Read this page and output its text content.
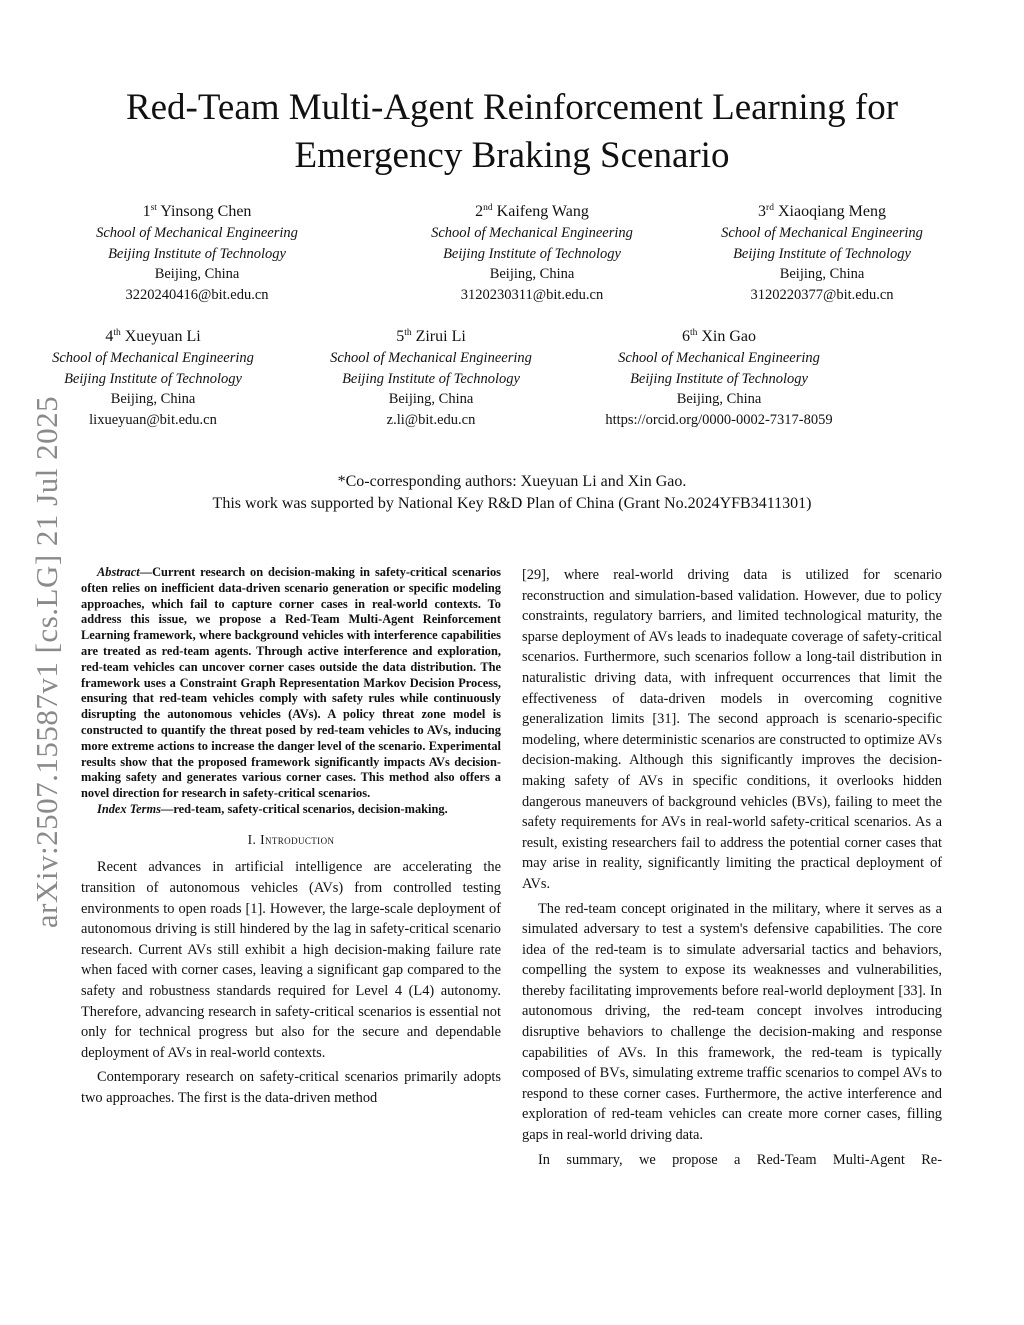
arXiv:2507.15587v1 [cs.LG] 21 Jul 2025
Red-Team Multi-Agent Reinforcement Learning for
Emergency Braking Scenario
1st Yinsong Chen
School of Mechanical Engineering
Beijing Institute of Technology
Beijing, China
3220240416@bit.edu.cn
2nd Kaifeng Wang
School of Mechanical Engineering
Beijing Institute of Technology
Beijing, China
3120230311@bit.edu.cn
3rd Xiaoqiang Meng
School of Mechanical Engineering
Beijing Institute of Technology
Beijing, China
3120220377@bit.edu.cn
4th Xueyuan Li
School of Mechanical Engineering
Beijing Institute of Technology
Beijing, China
lixueyuan@bit.edu.cn
5th Zirui Li
School of Mechanical Engineering
Beijing Institute of Technology
Beijing, China
z.li@bit.edu.cn
6th Xin Gao
School of Mechanical Engineering
Beijing Institute of Technology
Beijing, China
https://orcid.org/0000-0002-7317-8059
*Co-corresponding authors: Xueyuan Li and Xin Gao.
This work was supported by National Key R&D Plan of China (Grant No.2024YFB3411301)

Abstract—Current research on decision-making in safety-critical scenarios often relies on inefficient data-driven scenario generation or specific modeling approaches, which fail to capture corner cases in real-world contexts. To address this issue, we propose a Red-Team Multi-Agent Reinforcement Learning framework, where background vehicles with interference capabilities are treated as red-team agents. Through active interference and exploration, red-team vehicles can uncover corner cases outside the data distribution. The framework uses a Constraint Graph Representation Markov Decision Process, ensuring that red-team vehicles comply with safety rules while continuously disrupting the autonomous vehicles (AVs). A policy threat zone model is constructed to quantify the threat posed by red-team vehicles to AVs, inducing more extreme actions to increase the danger level of the scenario. Experimental results show that the proposed framework significantly impacts AVs decision-making safety and generates various corner cases. This method also offers a novel direction for research in safety-critical scenarios.

Index Terms—red-team, safety-critical scenarios, decision-making.

I. Introduction

Recent advances in artificial intelligence are accelerating the transition of autonomous vehicles (AVs) from controlled testing environments to open roads [1]. However, the large-scale deployment of autonomous driving is still hindered by the lag in safety-critical scenario research. Current AVs still exhibit a high decision-making failure rate when faced with corner cases, leaving a significant gap compared to the safety and robustness standards required for Level 4 (L4) autonomy. Therefore, advancing research in safety-critical scenarios is essential not only for technical progress but also for the secure and dependable deployment of AVs in real-world contexts.

Contemporary research on safety-critical scenarios primarily adopts two approaches. The first is the data-driven method

[29], where real-world driving data is utilized for scenario reconstruction and simulation-based validation. However, due to policy constraints, regulatory barriers, and limited technological maturity, the sparse deployment of AVs leads to inadequate coverage of safety-critical scenarios. Furthermore, such scenarios follow a long-tail distribution in naturalistic driving data, with infrequent occurrences that limit the effectiveness of data-driven models in overcoming cognitive generalization limits [31]. The second approach is scenario-specific modeling, where deterministic scenarios are constructed to optimize AVs decision-making. Although this significantly improves the decision-making safety of AVs in specific conditions, it overlooks hidden dangerous maneuvers of background vehicles (BVs), failing to meet the safety requirements for AVs in real-world safety-critical scenarios. As a result, existing researchers fail to address the potential corner cases that may arise in reality, significantly limiting the practical deployment of AVs.

The red-team concept originated in the military, where it serves as a simulated adversary to test a system's defensive capabilities. The core idea of the red-team is to simulate adversarial tactics and behaviors, compelling the system to expose its weaknesses and vulnerabilities, thereby facilitating improvements before real-world deployment [33]. In autonomous driving, the red-team concept involves introducing disruptive behaviors to challenge the decision-making and response capabilities of AVs. In this framework, the red-team is typically composed of BVs, simulating extreme traffic scenarios to compel AVs to respond to these corner cases. Furthermore, the active interference and exploration of red-team vehicles can create more corner cases, filling gaps in real-world driving data.

In summary, we propose a Red-Team Multi-Agent Re-
